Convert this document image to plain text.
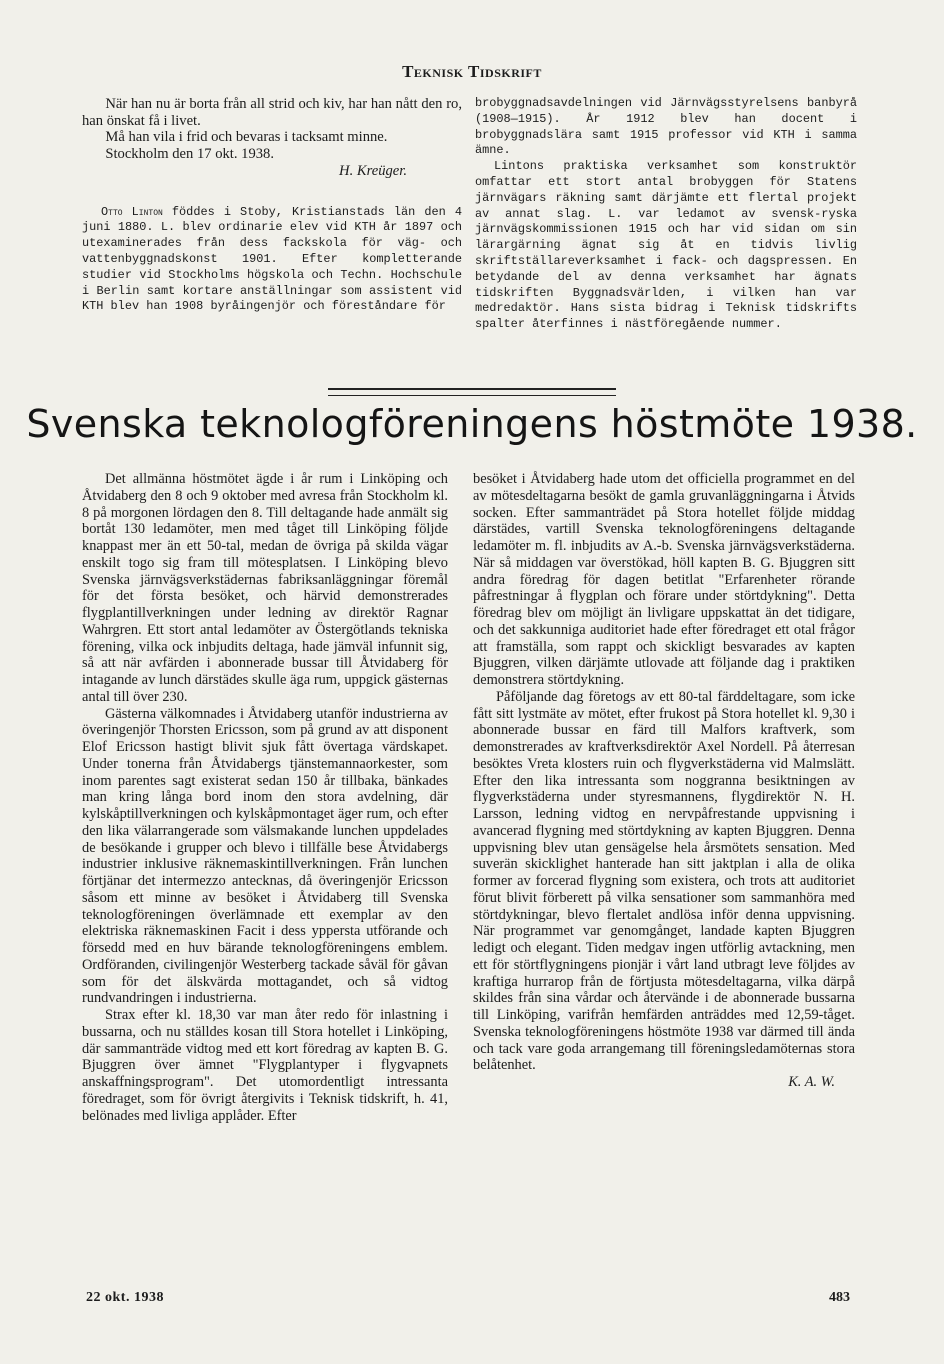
Teknisk Tidskrift

När han nu är borta från all strid och kiv, har han nått den ro, han önskat få i livet.

Må han vila i frid och bevaras i tacksamt minne.

Stockholm den 17 okt. 1938.

H. Kreüger.

Otto Linton föddes i Stoby, Kristianstads län den 4 juni 1880. L. blev ordinarie elev vid KTH år 1897 och utexaminerades från dess fackskola för väg- och vattenbyggnadskonst 1901. Efter kompletterande studier vid Stockholms högskola och Techn. Hochschule i Berlin samt kortare anställningar som assistent vid KTH blev han 1908 byråingenjör och föreståndare för

brobyggnadsavdelningen vid Järnvägsstyrelsens banbyrå (1908—1915). År 1912 blev han docent i brobyggnadslära samt 1915 professor vid KTH i samma ämne.

Lintons praktiska verksamhet som konstruktör omfattar ett stort antal brobyggen för Statens järnvägars räkning samt därjämte ett flertal projekt av annat slag. L. var ledamot av svensk-ryska järnvägskommissionen 1915 och har vid sidan om sin lärargärning ägnat sig åt en tidvis livlig skriftställareverksamhet i fack- och dagspressen. En betydande del av denna verksamhet har ägnats tidskriften Byggnadsvärlden, i vilken han var medredaktör. Hans sista bidrag i Teknisk tidskrifts spalter återfinnes i nästföregående nummer.

Svenska teknologföreningens höstmöte 1938.

Det allmänna höstmötet ägde i år rum i Linköping och Åtvidaberg den 8 och 9 oktober med avresa från Stockholm kl. 8 på morgonen lördagen den 8. Till deltagande hade anmält sig bortåt 130 ledamöter, men med tåget till Linköping följde knappast mer än ett 50-tal, medan de övriga på skilda vägar enskilt togo sig fram till mötesplatsen. I Linköping blevo Svenska järnvägsverkstädernas fabriksanläggningar föremål för det första besöket, och härvid demonstrerades flygplantillverkningen under ledning av direktör Ragnar Wahrgren. Ett stort antal ledamöter av Östergötlands tekniska förening, vilka ock inbjudits deltaga, hade jämväl infunnit sig, så att när avfärden i abonnerade bussar till Åtvidaberg för intagande av lunch därstädes skulle äga rum, uppgick gästernas antal till över 230.

Gästerna välkomnades i Åtvidaberg utanför industrierna av överingenjör Thorsten Ericsson, som på grund av att disponent Elof Ericsson hastigt blivit sjuk fått övertaga värdskapet. Under tonerna från Åtvidabergs tjänstemannaorkester, som inom parentes sagt existerat sedan 150 år tillbaka, bänkades man kring långa bord inom den stora avdelning, där kylskåptillverkningen och kylskåpmontaget äger rum, och efter den lika välarrangerade som välsmakande lunchen uppdelades de besökande i grupper och blevo i tillfälle bese Åtvidabergs industrier inklusive räknemaskintillverkningen. Från lunchen förtjänar det intermezzo antecknas, då överingenjör Ericsson såsom ett minne av besöket i Åtvidaberg till Svenska teknologföreningen överlämnade ett exemplar av den elektriska räknemaskinen Facit i dess yppersta utförande och försedd med en huv bärande teknologföreningens emblem. Ordföranden, civilingenjör Westerberg tackade såväl för gåvan som för det älskvärda mottagandet, och så vidtog rundvandringen i industrierna.

Strax efter kl. 18,30 var man åter redo för inlastning i bussarna, och nu ställdes kosan till Stora hotellet i Linköping, där sammanträde vidtog med ett kort föredrag av kapten B. G. Bjuggren över ämnet "Flygplantyper i flygvapnets anskaffningsprogram". Det utomordentligt intressanta föredraget, som för övrigt återgivits i Teknisk tidskrift, h. 41, belönades med livliga applåder. Efter

besöket i Åtvidaberg hade utom det officiella programmet en del av mötesdeltagarna besökt de gamla gruvanläggningarna i Åtvids socken. Efter sammanträdet på Stora hotellet följde middag därstädes, vartill Svenska teknologföreningens deltagande ledamöter m. fl. inbjudits av A.-b. Svenska järnvägsverkstäderna. När så middagen var överstökad, höll kapten B. G. Bjuggren sitt andra föredrag för dagen betitlat "Erfarenheter rörande påfrestningar å flygplan och förare under störtdykning". Detta föredrag blev om möjligt än livligare uppskattat än det tidigare, och det sakkunniga auditoriet hade efter föredraget ett otal frågor att framställa, som rappt och skickligt besvarades av kapten Bjuggren, vilken därjämte utlovade att följande dag i praktiken demonstrera störtdykning.

Påföljande dag företogs av ett 80-tal färddeltagare, som icke fått sitt lystmäte av mötet, efter frukost på Stora hotellet kl. 9,30 i abonnerade bussar en färd till Malfors kraftverk, som demonstrerades av kraftverksdirektör Axel Nordell. På återresan besöktes Vreta klosters ruin och flygverkstäderna vid Malmslätt. Efter den lika intressanta som noggranna besiktningen av flygverkstäderna under styresmannens, flygdirektör N. H. Larsson, ledning vidtog en nervpåfrestande uppvisning i avancerad flygning med störtdykning av kapten Bjuggren. Denna uppvisning blev utan gensägelse hela årsmötets sensation. Med suverän skicklighet hanterade han sitt jaktplan i alla de olika former av forcerad flygning som existera, och trots att auditoriet förut blivit förberett på vilka sensationer som sammanhöra med störtdykningar, blevo flertalet andlösa inför denna uppvisning. När programmet var genomgånget, landade kapten Bjuggren ledigt och elegant. Tiden medgav ingen utförlig avtackning, men ett för störtflygningens pionjär i vårt land utbragt leve följdes av kraftiga hurrarop från de förtjusta mötesdeltagarna, vilka därpå skildes från sina vårdar och återvände i de abonnerade bussarna till Linköping, varifrån hemfärden anträddes med 12,59-tåget. Svenska teknologföreningens höstmöte 1938 var därmed till ända och tack vare goda arrangemang till föreningsledamöternas stora belåtenhet.

K. A. W.

22 okt. 1938	483
